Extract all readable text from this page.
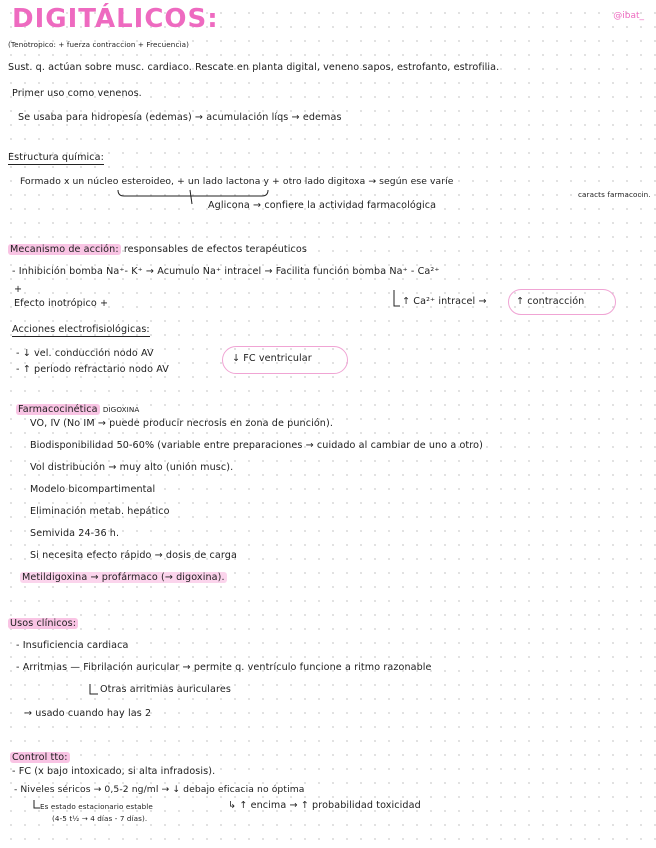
DIGITÁLICOS:	@ibat_
(Tenotropico: + fuerza contraccion + Frecuencia)
Sust. q. actúan sobre musc. cardiaco. Rescate en planta digital, veneno sapos, estrofanto, estrofilia.
Primer uso como venenos.
Se usaba para hidropesía (edemas) → acumulación líqs → edemas
Estructura química:
Formado x un núcleo esteroideo, + un lado lactona y + otro lado digitoxa → según ese varíe
caracts farmacocin.
Aglicona → confiere la actividad farmacológica
Mecanismo de acción: responsables de efectos terapéuticos
- Inhibición bomba Na⁺- K⁺ → Acumulo Na⁺ intracel → Facilita función bomba Na⁺ - Ca²⁺
+
Efecto inotrópico +	↑ Ca²⁺ intracel →	↑ contracción
Acciones electrofisiológicas:
- ↓ vel. conducción nodo AV
- ↑ periodo refractario nodo AV
↓ FC ventricular
Farmacocinética DIGOXINA
VO, IV (No IM → puede producir necrosis en zona de punción).
Biodisponibilidad 50-60% (variable entre preparaciones → cuidado al cambiar de uno a otro)
Vol distribución → muy alto (unión musc).
Modelo bicompartimental
Eliminación metab. hepático
Semivida 24-36 h.
Si necesita efecto rápido → dosis de carga
Metildigoxina → profármaco (→ digoxina).
Usos clínicos:
- Insuficiencia cardiaca
- Arritmias — Fibrilación auricular → permite q. ventrículo funcione a ritmo razonable
Otras arritmias auriculares
→ usado cuando hay las 2
Control tto:
- FC (x bajo intoxicado, si alta infradosis).
- Niveles séricos → 0,5-2 ng/ml → ↓ debajo eficacia no óptima
Es estado estacionario estable	↳ ↑ encima → ↑ probabilidad toxicidad
(4-5 t½ → 4 días - 7 días).
